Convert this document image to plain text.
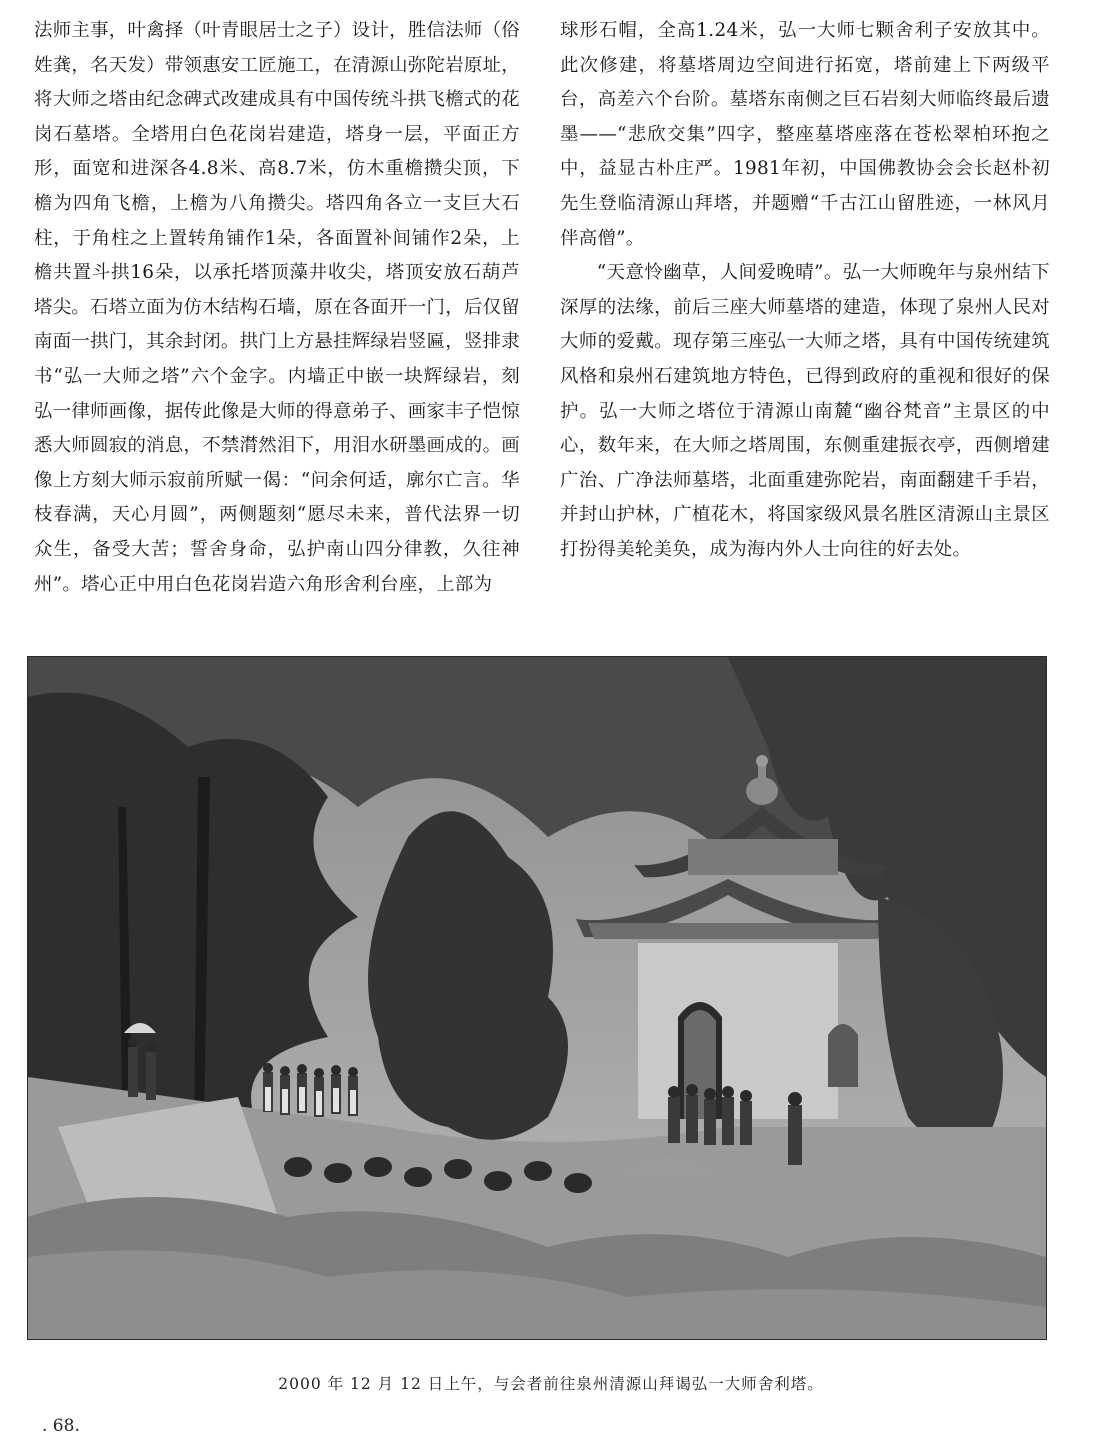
法师主事，叶禽择（叶青眼居士之子）设计，胜信法师（俗姓龚，名天发）带领惠安工匠施工，在清源山弥陀岩原址，将大师之塔由纪念碑式改建成具有中国传统斗拱飞檐式的花岗石墓塔。全塔用白色花岗岩建造，塔身一层，平面正方形，面宽和进深各4.8米、高8.7米，仿木重檐攒尖顶，下檐为四角飞檐，上檐为八角攒尖。塔四角各立一支巨大石柱，于角柱之上置转角铺作1朵，各面置补间铺作2朵，上檐共置斗拱16朵，以承托塔顶藻井收尖，塔顶安放石葫芦塔尖。石塔立面为仿木结构石墙，原在各面开一门，后仅留南面一拱门，其余封闭。拱门上方悬挂辉绿岩竖匾，竖排隶书“弘一大师之塔”六个金字。内墙正中嵌一块辉绿岩，刻弘一律师画像，据传此像是大师的得意弟子、画家丰子恺惊悉大师圆寂的消息，不禁潸然泪下，用泪水研墨画成的。画像上方刻大师示寂前所赋一偈：“问余何适，廓尔亡言。华枝春满，天心月圆”，两侧题刻“愿尽未来，普代法界一切众生，备受大苦；誓舍身命，弘护南山四分律教，久往神州”。塔心正中用白色花岗岩造六角形舍利台座，上部为

球形石帽，全高1.24米，弘一大师七颗舍利子安放其中。此次修建，将墓塔周边空间进行拓宽，塔前建上下两级平台，高差六个台阶。墓塔东南侧之巨石岩刻大师临终最后遗墨——“悲欣交集”四字，整座墓塔座落在苍松翠柏环抱之中，益显古朴庄严。1981年初，中国佛教协会会长赵朴初先生登临清源山拜塔，并题赠“千古江山留胜迹，一林风月伴高僧”。

“天意怜幽草，人间爱晚晴”。弘一大师晚年与泉州结下深厚的法缘，前后三座大师墓塔的建造，体现了泉州人民对大师的爱戴。现存第三座弘一大师之塔，具有中国传统建筑风格和泉州石建筑地方特色，已得到政府的重视和很好的保护。弘一大师之塔位于清源山南麓“幽谷梵音”主景区的中心，数年来，在大师之塔周围，东侧重建振衣亭，西侧增建广治、广净法师墓塔，北面重建弥陀岩，南面翻建千手岩，并封山护林，广植花木，将国家级风景名胜区清源山主景区打扮得美轮美奂，成为海内外人士向往的好去处。

2000 年 12 月 12 日上午，与会者前往泉州清源山拜谒弘一大师舍利塔。
. 68.
